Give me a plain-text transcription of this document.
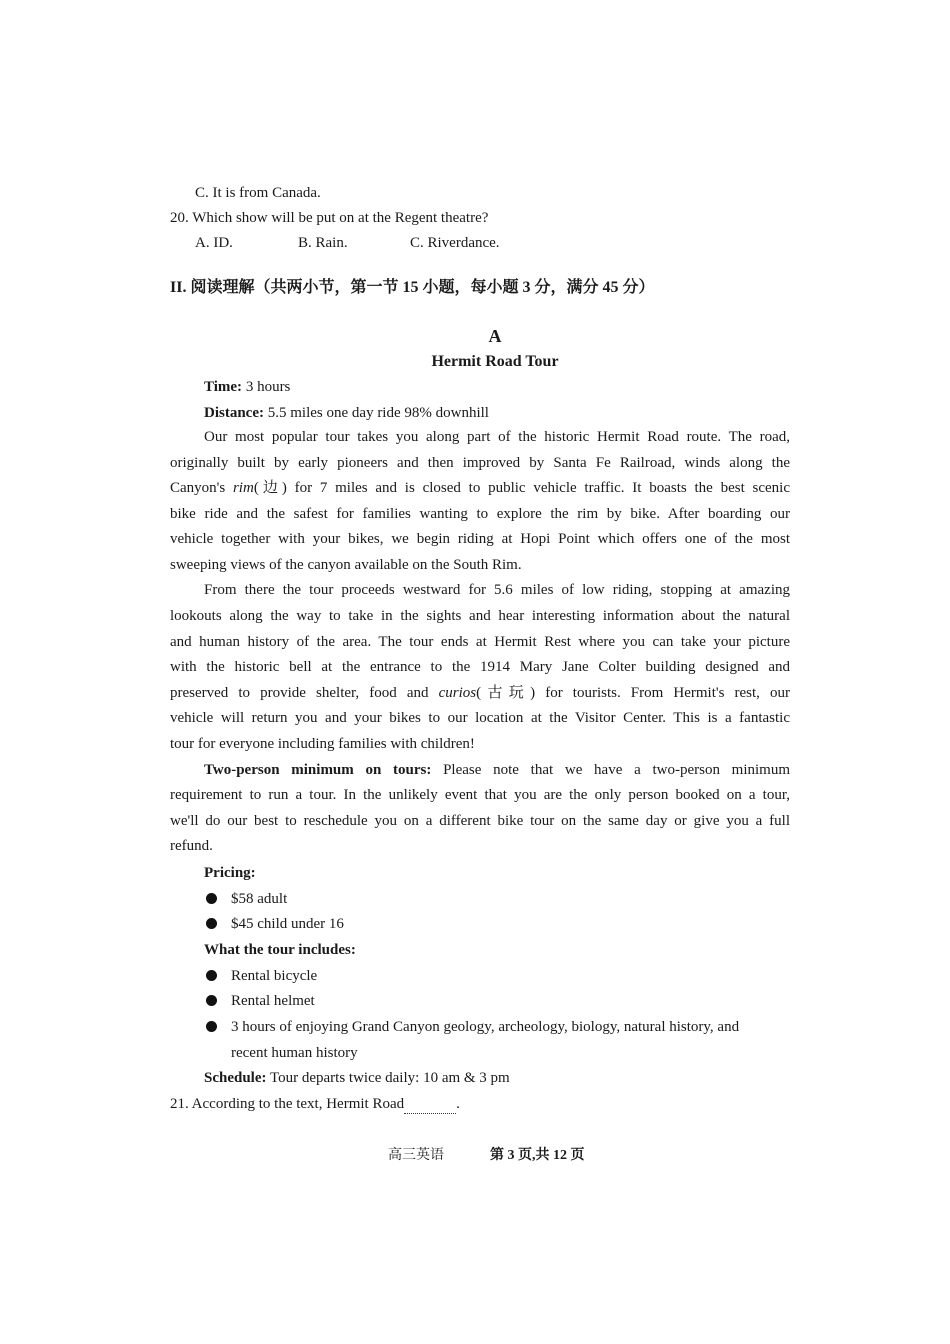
C. It is from Canada.
20. Which show will be put on at the Regent theatre?
A. ID.	B. Rain.	C. Riverdance.
II. 阅读理解（共两小节，第一节 15 小题，每小题 3 分，满分 45 分）
A
Hermit Road Tour
Time: 3 hours
Distance: 5.5 miles one day ride 98% downhill
Our most popular tour takes you along part of the historic Hermit Road route. The road,
originally built by early pioneers and then improved by Santa Fe Railroad, winds along the
Canyon's rim(边) for 7 miles and is closed to public vehicle traffic. It boasts the best scenic
bike ride and the safest for families wanting to explore the rim by bike. After boarding our
vehicle together with your bikes, we begin riding at Hopi Point which offers one of the most
sweeping views of the canyon available on the South Rim.
From there the tour proceeds westward for 5.6 miles of low riding, stopping at amazing
lookouts along the way to take in the sights and hear interesting information about the natural
and human history of the area. The tour ends at Hermit Rest where you can take your picture
with the historic bell at the entrance to the 1914 Mary Jane Colter building designed and
preserved to provide shelter, food and curios(古玩) for tourists. From Hermit's rest, our
vehicle will return you and your bikes to our location at the Visitor Center. This is a fantastic
tour for everyone including families with children!
Two-person minimum on tours: Please note that we have a two-person minimum
requirement to run a tour. In the unlikely event that you are the only person booked on a tour,
we'll do our best to reschedule you on a different bike tour on the same day or give you a full
refund.
Pricing:
$58 adult
$45 child under 16
What the tour includes:
Rental bicycle
Rental helmet
3 hours of enjoying Grand Canyon geology, archeology, biology, natural history, and
recent human history
Schedule: Tour departs twice daily: 10 am & 3 pm
21. According to the text, Hermit Road	.
高三英语	第 3 页,共 12 页
